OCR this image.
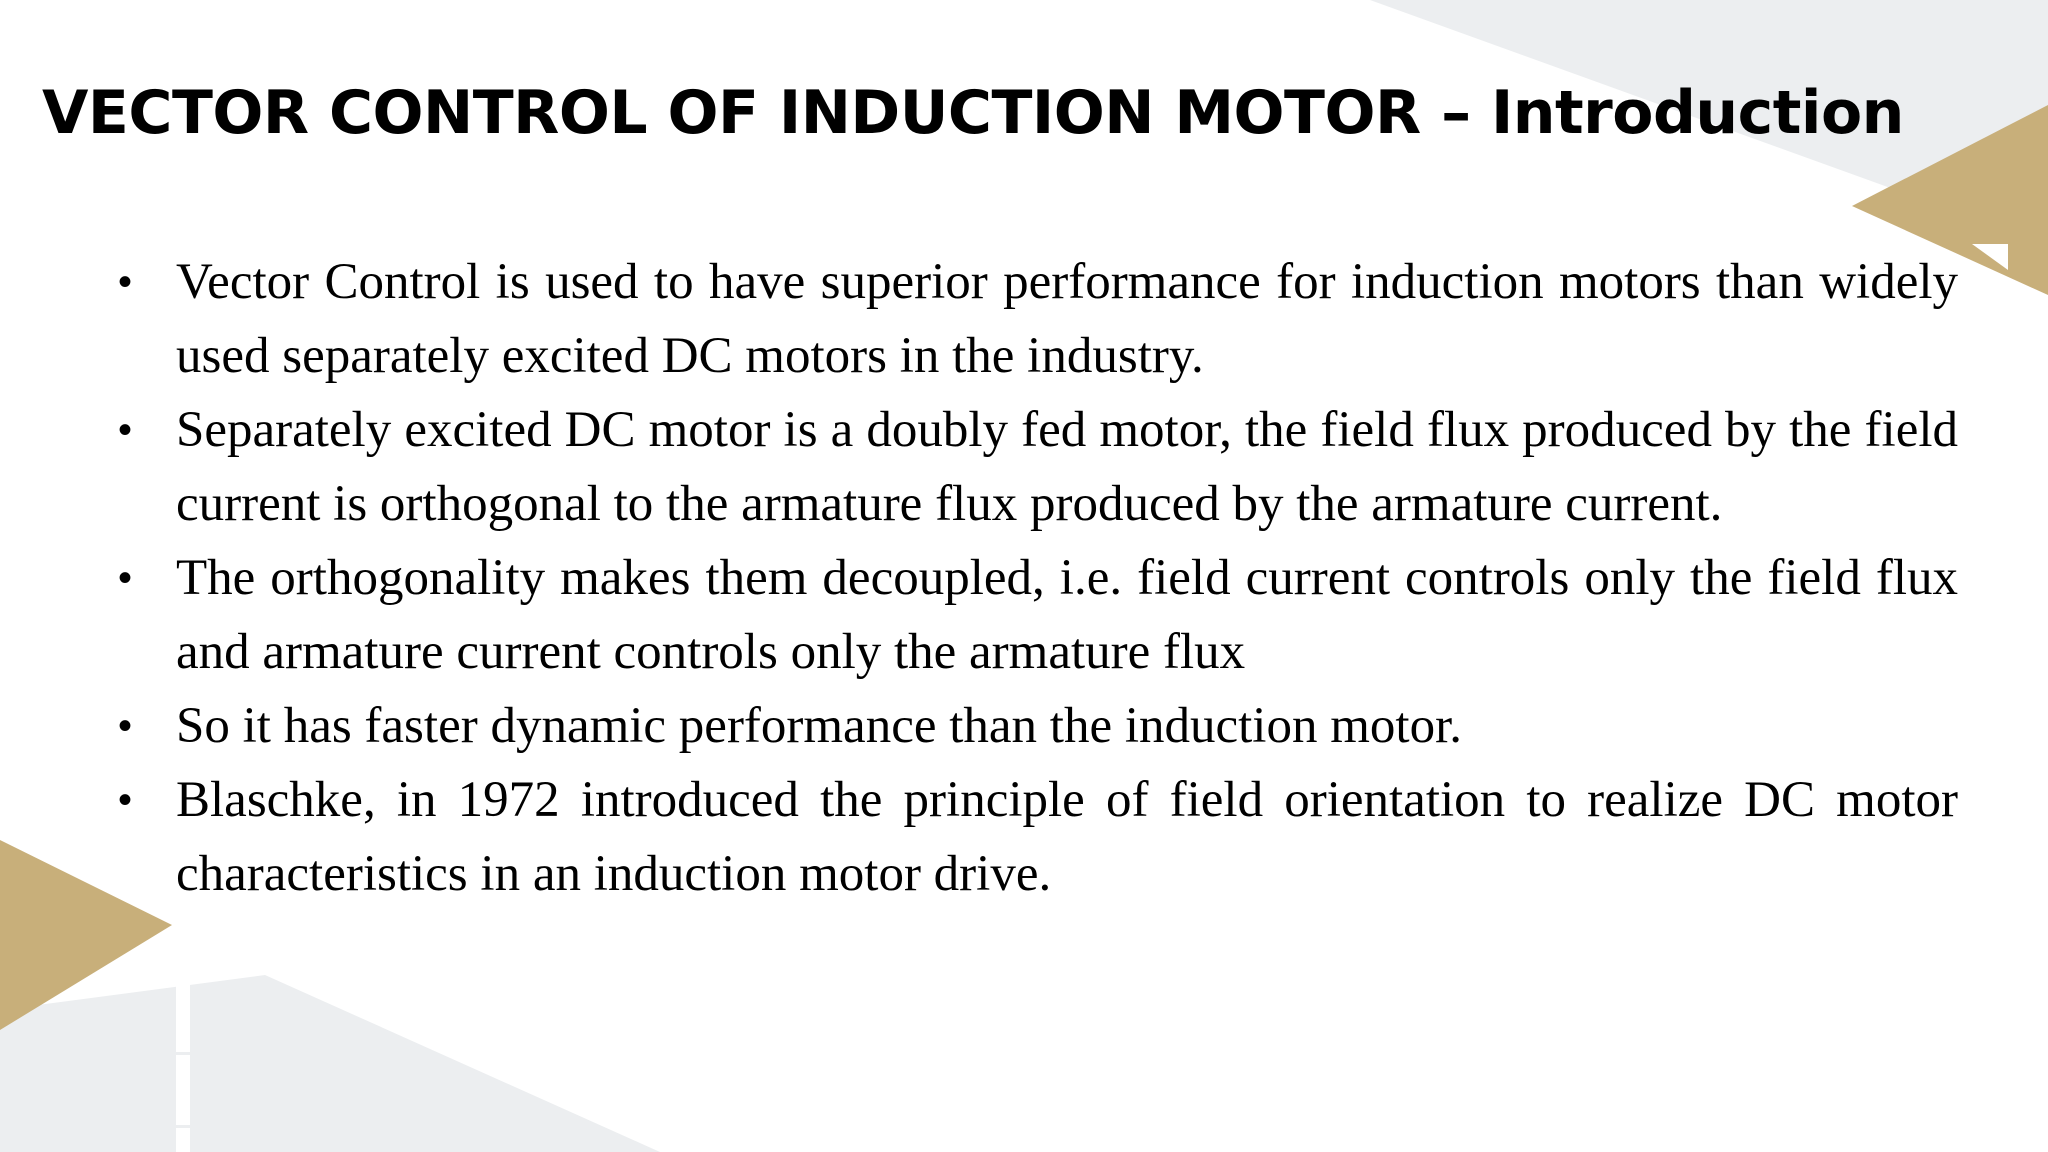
VECTOR CONTROL OF INDUCTION MOTOR – Introduction
• Vector Control is used to have superior performance for induction motors than widely used separately excited DC motors in the industry.
• Separately excited DC motor is a doubly fed motor, the field flux produced by the field current is orthogonal to the armature flux produced by the armature current.
• The orthogonality makes them decoupled, i.e. field current controls only the field flux and armature current controls only the armature flux
• So it has faster dynamic performance than the induction motor.
• Blaschke, in 1972 introduced the principle of field orientation to realize DC motor characteristics in an induction motor drive.
